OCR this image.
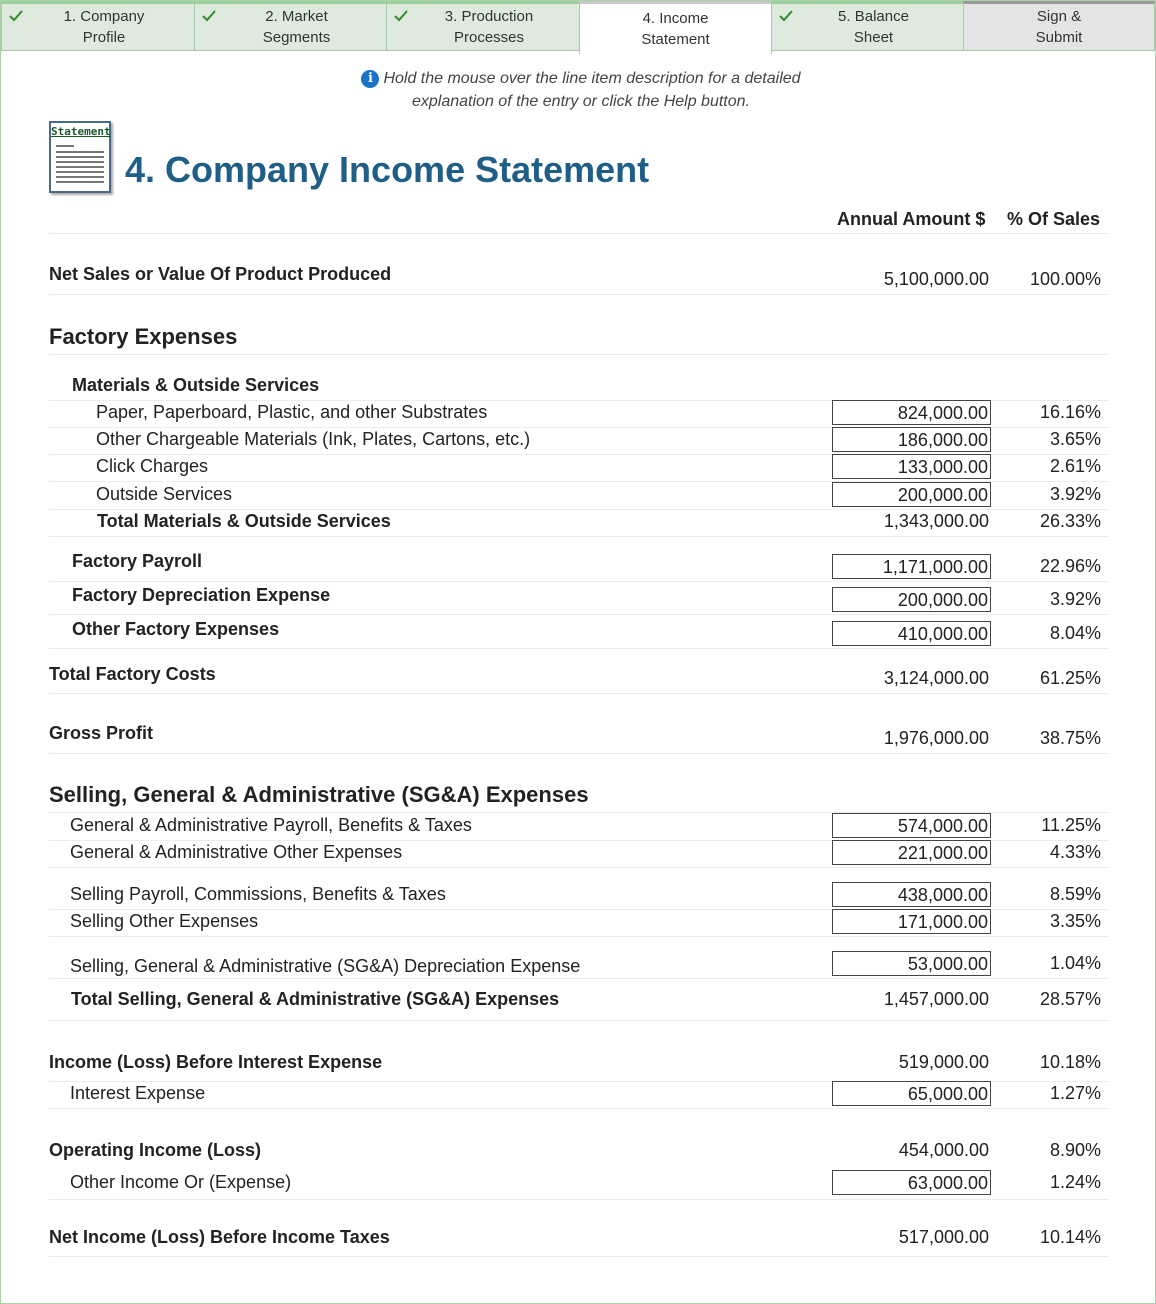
1. Company
Profile
2. Market
Segments
3. Production
Processes
4. Income
Statement
5. Balance
Sheet
Sign &
Submit
i Hold the mouse over the line item description for a detailed
explanation of the entry or click the Help button.
Statement
4. Company Income Statement
Annual Amount $ % Of Sales
Net Sales or Value Of Product Produced	5,100,000.00	100.00%
Factory Expenses
Materials & Outside Services
Paper, Paperboard, Plastic, and other Substrates	824,000.00	16.16%
Other Chargeable Materials (Ink, Plates, Cartons, etc.)	186,000.00	3.65%
Click Charges	133,000.00	2.61%
Outside Services	200,000.00	3.92%
Total Materials & Outside Services	1,343,000.00	26.33%
Factory Payroll	1,171,000.00	22.96%
Factory Depreciation Expense	200,000.00	3.92%
Other Factory Expenses	410,000.00	8.04%
Total Factory Costs	3,124,000.00	61.25%
Gross Profit	1,976,000.00	38.75%
Selling, General & Administrative (SG&A) Expenses
General & Administrative Payroll, Benefits & Taxes	574,000.00	11.25%
General & Administrative Other Expenses	221,000.00	4.33%
Selling Payroll, Commissions, Benefits & Taxes	438,000.00	8.59%
Selling Other Expenses	171,000.00	3.35%
Selling, General & Administrative (SG&A) Depreciation Expense	53,000.00	1.04%
Total Selling, General & Administrative (SG&A) Expenses	1,457,000.00	28.57%
Income (Loss) Before Interest Expense	519,000.00	10.18%
Interest Expense	65,000.00	1.27%
Operating Income (Loss)	454,000.00	8.90%
Other Income Or (Expense)	63,000.00	1.24%
Net Income (Loss) Before Income Taxes	517,000.00	10.14%
